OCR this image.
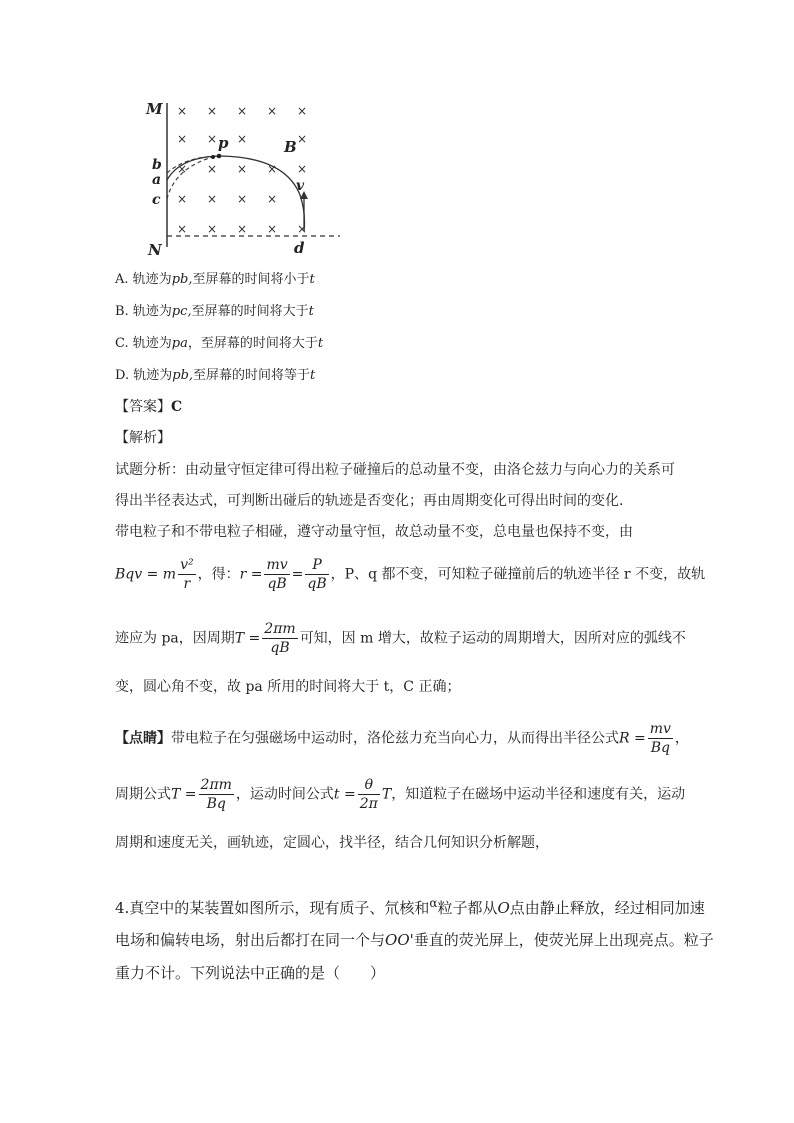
× × × × ×
× × ×	×
× × × × ×
× × × ×
× × × × ×
M
N
b
a
c
p	B
v
d
A. 轨迹为pb,至屏幕的时间将小于t
B. 轨迹为pc,至屏幕的时间将大于t
C. 轨迹为pa，至屏幕的时间将大于t
D. 轨迹为pb,至屏幕的时间将等于t
【答案】C
【解析】
试题分析：由动量守恒定律可得出粒子碰撞后的总动量不变，由洛仑兹力与向心力的关系可
得出半径表达式，可判断出碰后的轨迹是否变化；再由周期变化可得出时间的变化.
带电粒子和不带电粒子相碰，遵守动量守恒，故总动量不变，总电量也保持不变，由
Bqv = m $\frac{\text{v²}}{r}$ ，得：$r = \frac{mv}{qB} = \frac{P}{qB}$ ，P、q 都不变，可知粒子碰撞前后的轨迹半径 r 不变，故轨
迹应为 pa，因周期$T = \frac{2\pi m}{qB}$ 可知，因 m 增大，故粒子运动的周期增大，因所对应的弧线不
变，圆心角不变，故 pa 所用的时间将大于 t，C 正确；
【点睛】带电粒子在匀强磁场中运动时，洛伦兹力充当向心力，从而得出半径公式$R = \frac{mv}{Bq}$ ，
周期公式$T = \frac{2\pi m}{Bq}$ ，运动时间公式$t = \frac{\theta}{2\pi}$ T，知道粒子在磁场中运动半径和速度有关，运动
周期和速度无关，画轨迹，定圆心，找半径，结合几何知识分析解题，
4.真空中的某装置如图所示，现有质子、氘核和$^\alpha$粒子都从O点由静止释放，经过相同加速
电场和偏转电场，射出后都打在同一个与OO'垂直的荧光屏上，使荧光屏上出现亮点。粒子
重力不计。下列说法中正确的是（　　）
